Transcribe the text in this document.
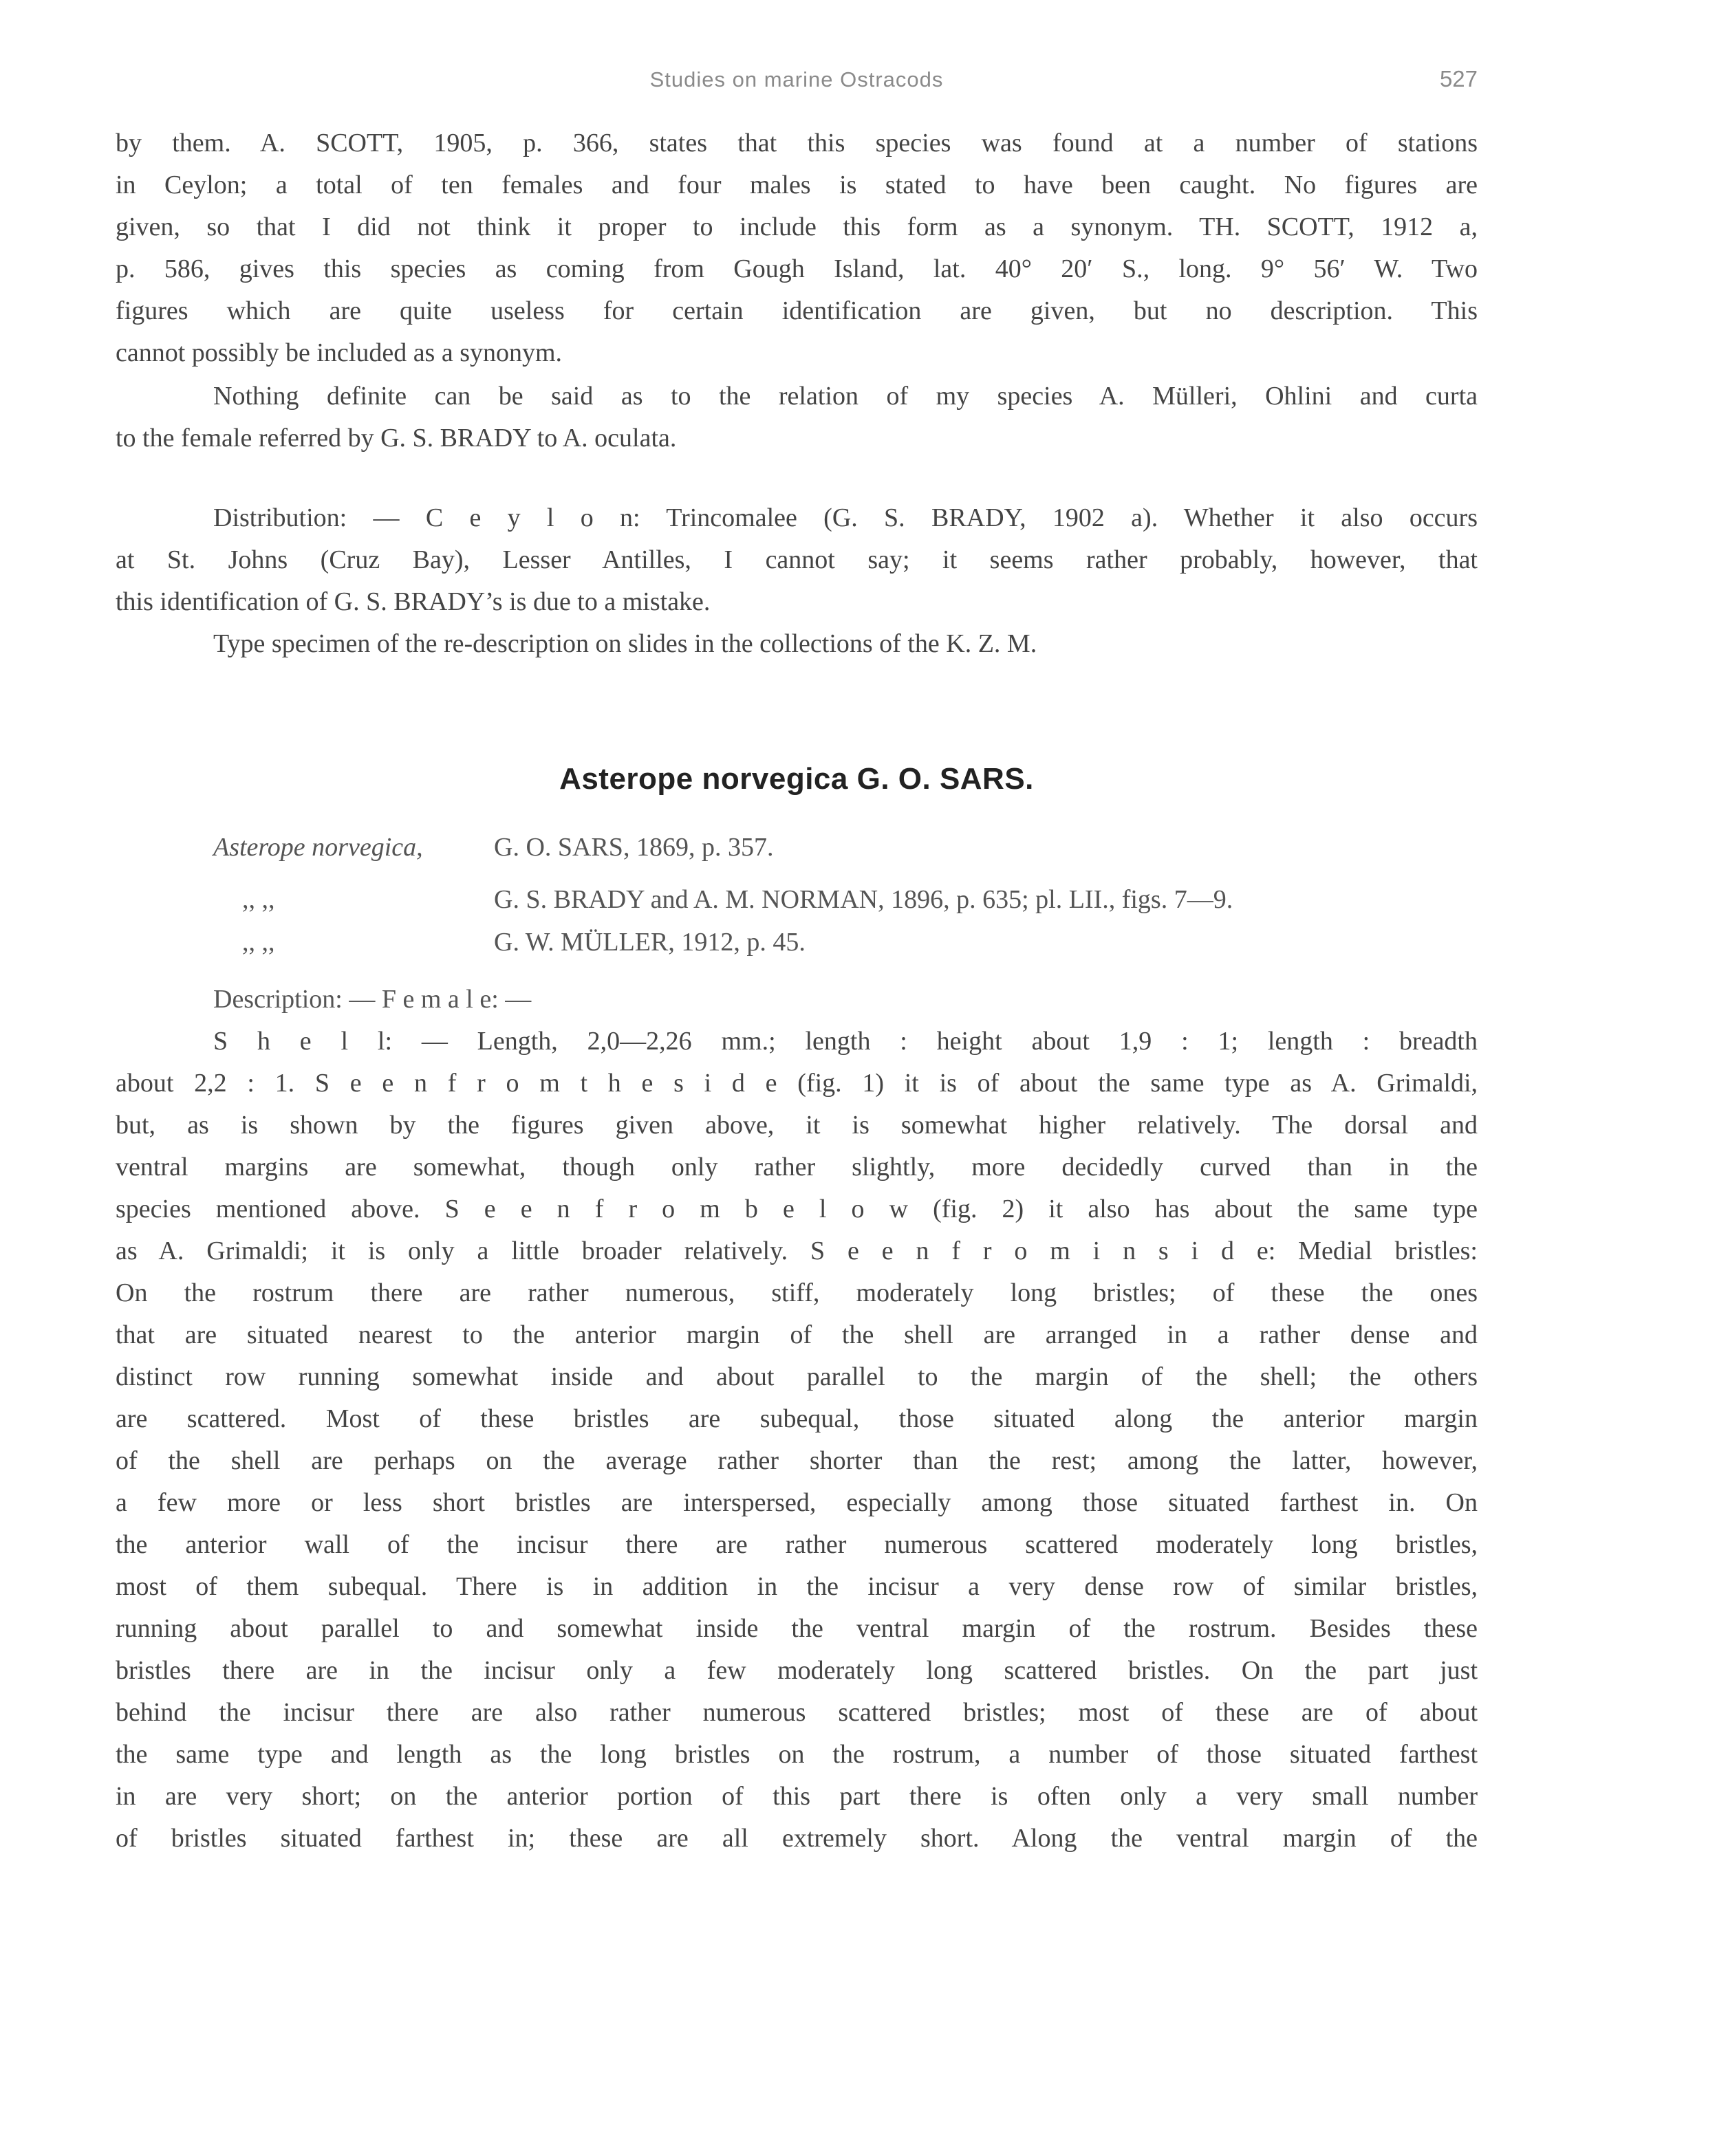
Studies on marine Ostracods	527
by them. A. SCOTT, 1905, p. 366, states that this species was found at a number of stations
in Ceylon; a total of ten females and four males is stated to have been caught. No figures are
given, so that I did not think it proper to include this form as a synonym. TH. SCOTT, 1912 a,
p. 586, gives this species as coming from Gough Island, lat. 40° 20′ S., long. 9° 56′ W. Two
figures which are quite useless for certain identification are given, but no description. This
cannot possibly be included as a synonym.
Nothing definite can be said as to the relation of my species A. Mülleri, Ohlini and curta
to the female referred by G. S. BRADY to A. oculata.
Distribution: — C e y l o n: Trincomalee (G. S. BRADY, 1902 a). Whether it also occurs
at St. Johns (Cruz Bay), Lesser Antilles, I cannot say; it seems rather probably, however, that
this identification of G. S. BRADY’s is due to a mistake.
Type specimen of the re-description on slides in the collections of the K. Z. M.
Asterope norvegica G. O. SARS.
Asterope norvegica,	G. O. SARS, 1869, p. 357.
,, ,,	G. S. BRADY and A. M. NORMAN, 1896, p. 635; pl. LII., figs. 7—9.
,, ,,	G. W. MÜLLER, 1912, p. 45.
Description: — F e m a l e: —
S h e l l: — Length, 2,0—2,26 mm.; length : height about 1,9 : 1; length : breadth
about 2,2 : 1. S e e n f r o m t h e s i d e (fig. 1) it is of about the same type as A. Grimaldi,
but, as is shown by the figures given above, it is somewhat higher relatively. The dorsal and
ventral margins are somewhat, though only rather slightly, more decidedly curved than in the
species mentioned above. S e e n f r o m b e l o w (fig. 2) it also has about the same type
as A. Grimaldi; it is only a little broader relatively. S e e n f r o m i n s i d e: Medial bristles:
On the rostrum there are rather numerous, stiff, moderately long bristles; of these the ones
that are situated nearest to the anterior margin of the shell are arranged in a rather dense and
distinct row running somewhat inside and about parallel to the margin of the shell; the others
are scattered. Most of these bristles are subequal, those situated along the anterior margin
of the shell are perhaps on the average rather shorter than the rest; among the latter, however,
a few more or less short bristles are interspersed, especially among those situated farthest in. On
the anterior wall of the incisur there are rather numerous scattered moderately long bristles,
most of them subequal. There is in addition in the incisur a very dense row of similar bristles,
running about parallel to and somewhat inside the ventral margin of the rostrum. Besides these
bristles there are in the incisur only a few moderately long scattered bristles. On the part just
behind the incisur there are also rather numerous scattered bristles; most of these are of about
the same type and length as the long bristles on the rostrum, a number of those situated farthest
in are very short; on the anterior portion of this part there is often only a very small number
of bristles situated farthest in; these are all extremely short. Along the ventral margin of the
